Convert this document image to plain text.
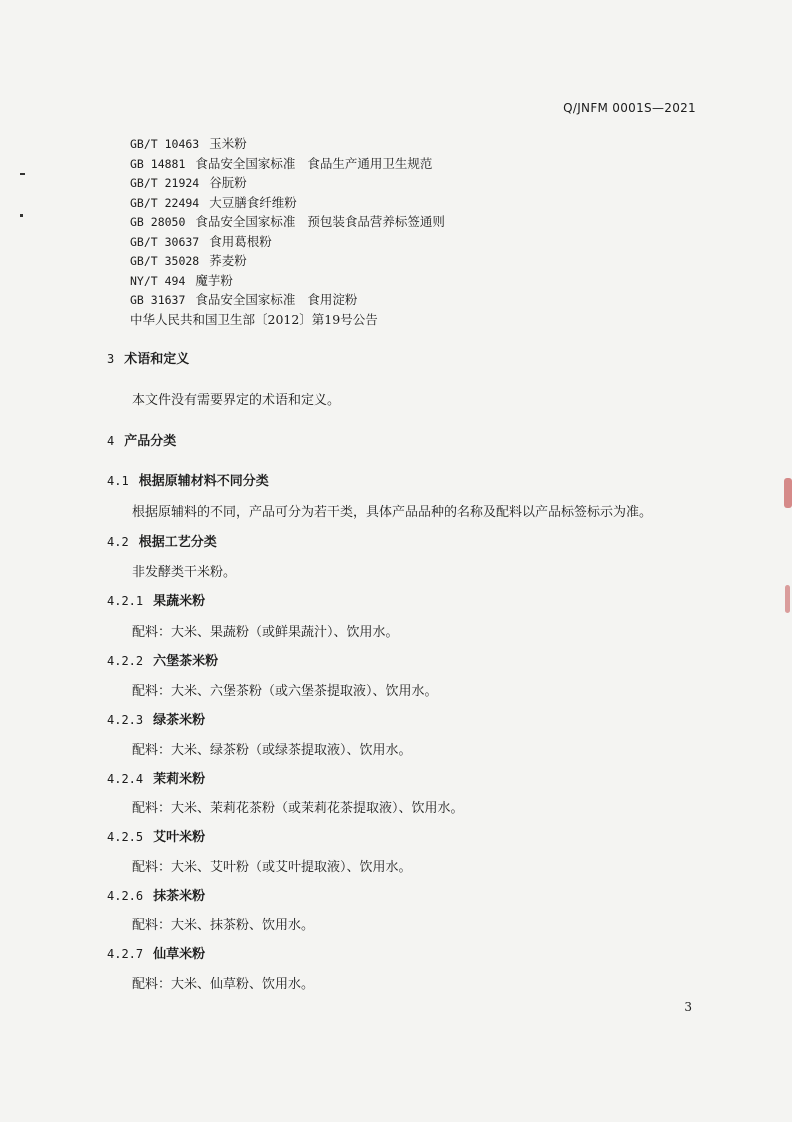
Q/JNFM 0001S—2021
GB/T 10463 玉米粉
GB 14881 食品安全国家标准 食品生产通用卫生规范
GB/T 21924 谷朊粉
GB/T 22494 大豆膳食纤维粉
GB 28050 食品安全国家标准 预包装食品营养标签通则
GB/T 30637 食用葛根粉
GB/T 35028 荞麦粉
NY/T 494 魔芋粉
GB 31637 食品安全国家标准 食用淀粉
中华人民共和国卫生部〔2012〕第19号公告
3 术语和定义
本文件没有需要界定的术语和定义。
4 产品分类
4.1 根据原辅材料不同分类
根据原辅料的不同，产品可分为若干类，具体产品品种的名称及配料以产品标签标示为准。
4.2 根据工艺分类
非发酵类干米粉。
4.2.1 果蔬米粉
配料：大米、果蔬粉（或鲜果蔬汁）、饮用水。
4.2.2 六堡茶米粉
配料：大米、六堡茶粉（或六堡茶提取液）、饮用水。
4.2.3 绿茶米粉
配料：大米、绿茶粉（或绿茶提取液）、饮用水。
4.2.4 茉莉米粉
配料：大米、茉莉花茶粉（或茉莉花茶提取液）、饮用水。
4.2.5 艾叶米粉
配料：大米、艾叶粉（或艾叶提取液）、饮用水。
4.2.6 抹茶米粉
配料：大米、抹茶粉、饮用水。
4.2.7 仙草米粉
配料：大米、仙草粉、饮用水。
3
